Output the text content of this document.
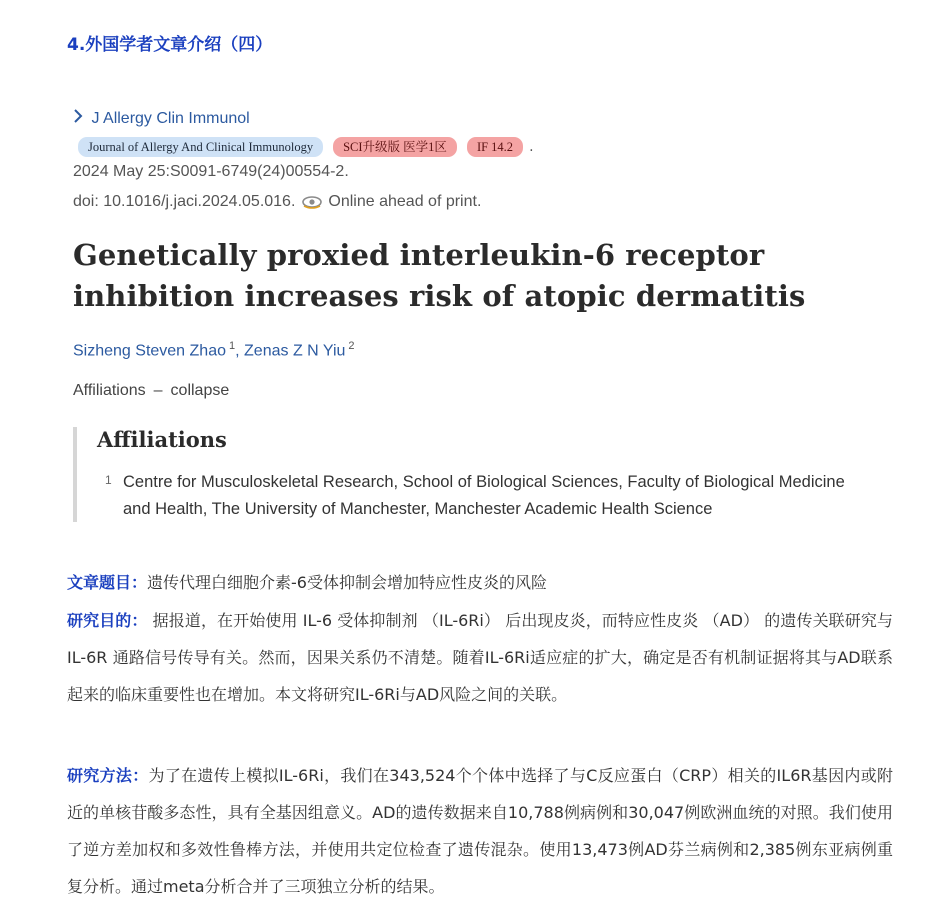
4.外国学者文章介绍（四）
J Allergy Clin Immunol
Journal of Allergy And Clinical Immunology	SCI升级版 医学1区	IF 14.2	.
2024 May 25:S0091-6749(24)00554-2.
doi: 10.1016/j.jaci.2024.05.016. Online ahead of print.
Genetically proxied interleukin-6 receptor inhibition increases risk of atopic dermatitis
Sizheng Steven Zhao $^1$, Zenas Z N Yiu $^2$
Affiliations – collapse
Affiliations
1 Centre for Musculoskeletal Research, School of Biological Sciences, Faculty of Biological Medicine and Health, The University of Manchester, Manchester Academic Health Science
文章题目：遗传代理白细胞介素-6受体抑制会增加特应性皮炎的风险
研究目的： 据报道，在开始使用 IL-6 受体抑制剂 （IL-6Ri） 后出现皮炎，而特应性皮炎 （AD） 的遗传关联研究与 IL-6R 通路信号传导有关。然而，因果关系仍不清楚。随着IL-6Ri适应症的扩大，确定是否有机制证据将其与AD联系起来的临床重要性也在增加。本文将研究IL-6Ri与AD风险之间的关联。
研究方法：为了在遗传上模拟IL-6Ri，我们在343,524个个体中选择了与C反应蛋白（CRP）相关的IL6R基因内或附近的单核苷酸多态性，具有全基因组意义。AD的遗传数据来自10,788例病例和30,047例欧洲血统的对照。我们使用了逆方差加权和多效性鲁棒方法，并使用共定位检查了遗传混杂。使用13,473例AD芬兰病例和2,385例东亚病例重复分析。通过meta分析合并了三项独立分析的结果。
